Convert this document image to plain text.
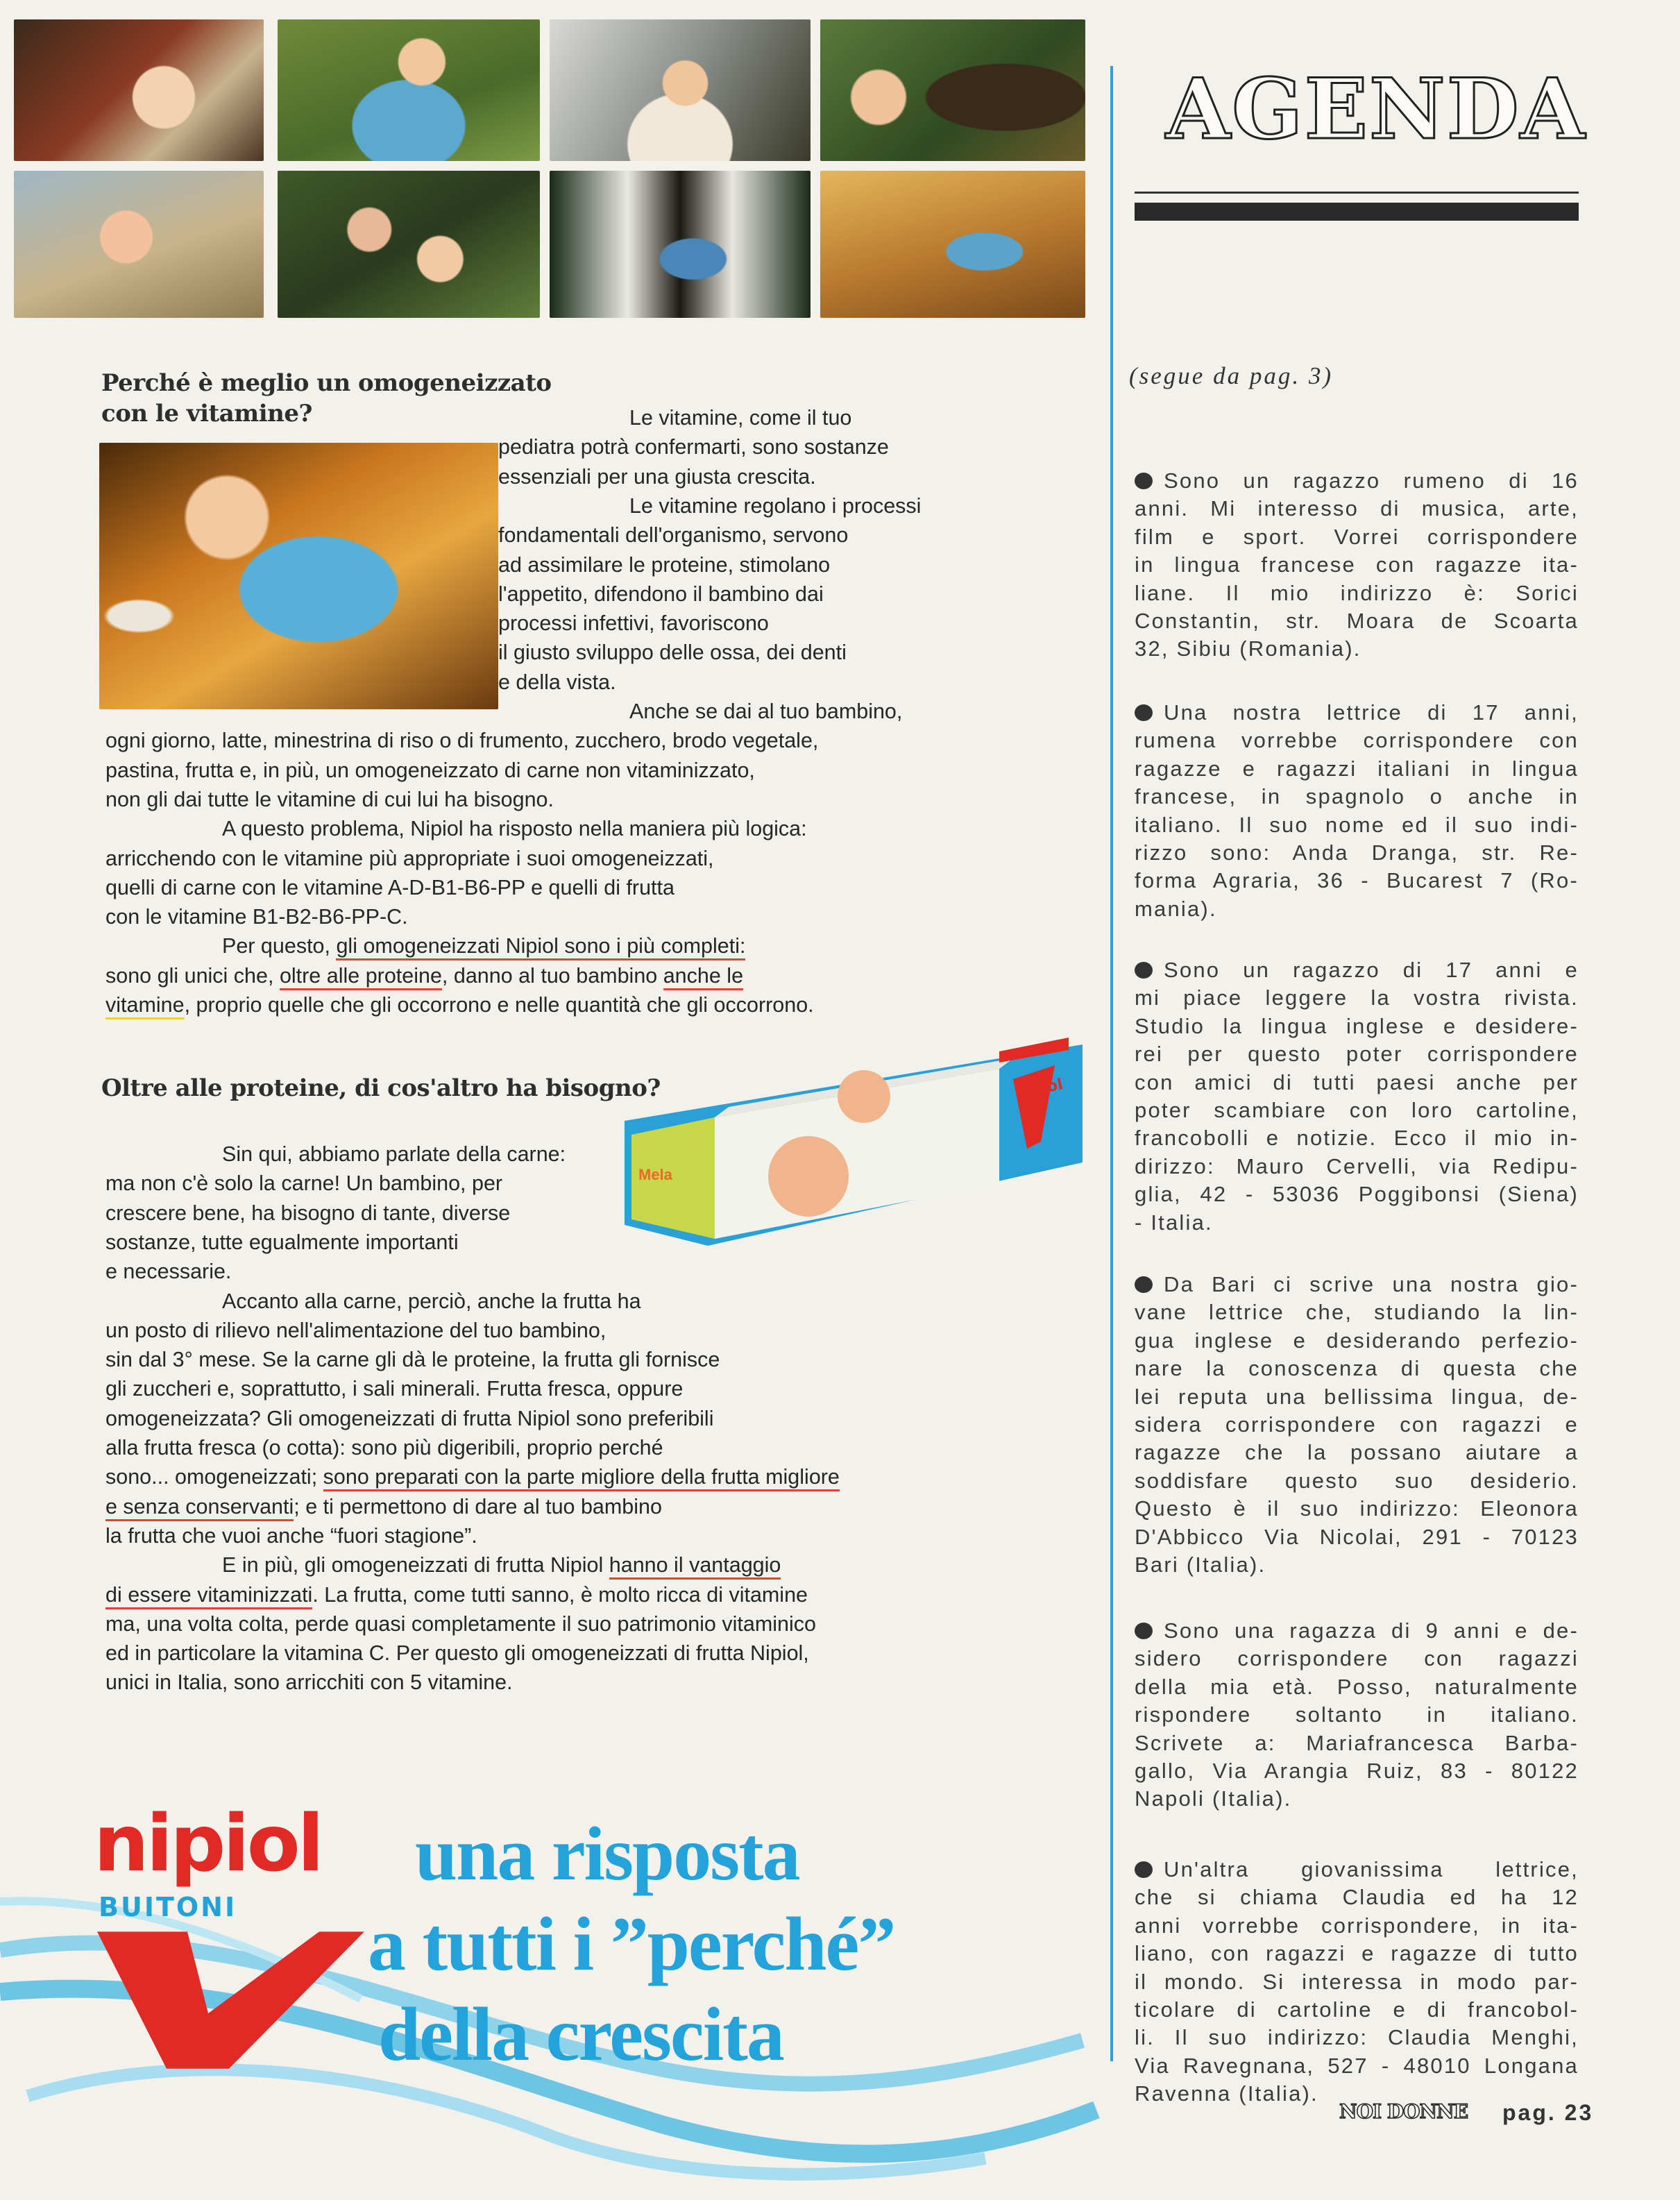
AGENDA
(segue da pag. 3)
Sono un ragazzo rumeno di 16
anni. Mi interesso di musica, arte,
film e sport. Vorrei corrispondere
in lingua francese con ragazze ita-
liane. Il mio indirizzo è: Sorici
Constantin, str. Moara de Scoarta
32, Sibiu (Romania).
Una nostra lettrice di 17 anni,
rumena vorrebbe corrispondere con
ragazze e ragazzi italiani in lingua
francese, in spagnolo o anche in
italiano. Il suo nome ed il suo indi-
rizzo sono: Anda Dranga, str. Re-
forma Agraria, 36 - Bucarest 7 (Ro-
mania).
Sono un ragazzo di 17 anni e
mi piace leggere la vostra rivista.
Studio la lingua inglese e desidere-
rei per questo poter corrispondere
con amici di tutti paesi anche per
poter scambiare con loro cartoline,
francobolli e notizie. Ecco il mio in-
dirizzo: Mauro Cervelli, via Redipu-
glia, 42 - 53036 Poggibonsi (Siena)
- Italia.
Da Bari ci scrive una nostra gio-
vane lettrice che, studiando la lin-
gua inglese e desiderando perfezio-
nare la conoscenza di questa che
lei reputa una bellissima lingua, de-
sidera corrispondere con ragazzi e
ragazze che la possano aiutare a
soddisfare questo suo desiderio.
Questo è il suo indirizzo: Eleonora
D'Abbicco Via Nicolai, 291 - 70123
Bari (Italia).
Sono una ragazza di 9 anni e de-
sidero corrispondere con ragazzi
della mia età. Posso, naturalmente
rispondere soltanto in italiano.
Scrivete a: Mariafrancesca Barba-
gallo, Via Arangia Ruiz, 83 - 80122
Napoli (Italia).
Un'altra giovanissima lettrice,
che si chiama Claudia ed ha 12
anni vorrebbe corrispondere, in ita-
liano, con ragazzi e ragazze di tutto
il mondo. Si interessa in modo par-
ticolare di cartoline e di francobol-
li. Il suo indirizzo: Claudia Menghi,
Via Ravegnana, 527 - 48010 Longana
Ravenna (Italia).
Perché è meglio un omogeneizzato
con le vitamine?	Le vitamine, come il tuo
pediatra potrà confermarti, sono sostanze
essenziali per una giusta crescita.
Le vitamine regolano i processi
fondamentali dell'organismo, servono
ad assimilare le proteine, stimolano
l'appetito, difendono il bambino dai
processi infettivi, favoriscono
il giusto sviluppo delle ossa, dei denti
e della vista.
Anche se dai al tuo bambino,
ogni giorno, latte, minestrina di riso o di frumento, zucchero, brodo vegetale,
pastina, frutta e, in più, un omogeneizzato di carne non vitaminizzato,
non gli dai tutte le vitamine di cui lui ha bisogno.
A questo problema, Nipiol ha risposto nella maniera più logica:
arricchendo con le vitamine più appropriate i suoi omogeneizzati,
quelli di carne con le vitamine A-D-B1-B6-PP e quelli di frutta
con le vitamine B1-B2-B6-PP-C.
Per questo, gli omogeneizzati Nipiol sono i più completi:
sono gli unici che, oltre alle proteine, danno al tuo bambino anche le
vitamine, proprio quelle che gli occorrono e nelle quantità che gli occorrono.
Oltre alle proteine, di cos'altro ha bisogno?
Mela
nipiol
Sin qui, abbiamo parlate della carne:
ma non c'è solo la carne! Un bambino, per
crescere bene, ha bisogno di tante, diverse
sostanze, tutte egualmente importanti
e necessarie.
Accanto alla carne, perciò, anche la frutta ha
un posto di rilievo nell'alimentazione del tuo bambino,
sin dal 3° mese. Se la carne gli dà le proteine, la frutta gli fornisce
gli zuccheri e, soprattutto, i sali minerali. Frutta fresca, oppure
omogeneizzata? Gli omogeneizzati di frutta Nipiol sono preferibili
alla frutta fresca (o cotta): sono più digeribili, proprio perché
sono... omogeneizzati; sono preparati con la parte migliore della frutta migliore
e senza conservanti; e ti permettono di dare al tuo bambino
la frutta che vuoi anche “fuori stagione”.
E in più, gli omogeneizzati di frutta Nipiol hanno il vantaggio
di essere vitaminizzati. La frutta, come tutti sanno, è molto ricca di vitamine
ma, una volta colta, perde quasi completamente il suo patrimonio vitaminico
ed in particolare la vitamina C. Per questo gli omogeneizzati di frutta Nipiol,
unici in Italia, sono arricchiti con 5 vitamine.
nipiol
BUITONI
una risposta
a tutti i ”perché”
della crescita
NOI DONNE pag. 23
